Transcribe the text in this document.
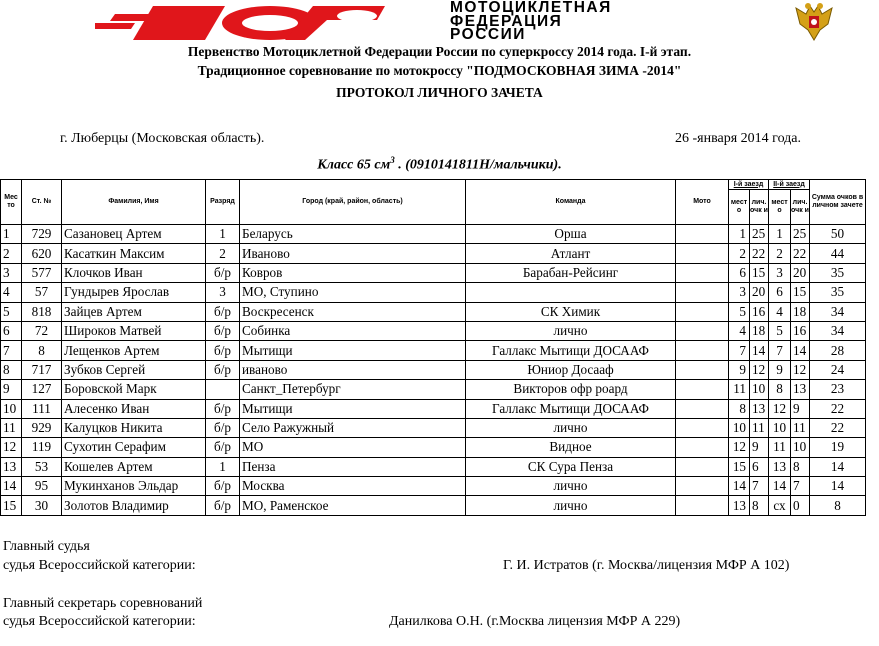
МОТОЦИКЛЕТНАЯ
ФЕДЕРАЦИЯ
РОССИИ
Первенство Мотоциклетной Федерации России по суперкроссу 2014 года. I-й этап.
Традиционное соревнование по мотокроссу "ПОДМОСКОВНАЯ ЗИМА -2014"
ПРОТОКОЛ ЛИЧНОГО ЗАЧЕТА
г. Люберцы (Московская область).	26 -января 2014 года.
Класс 65 $см^3$ . (0910141811Н/мальчики).
Мес то	Ст. №	Фамилия, Имя	Разряд	Город (край, район, область)	Команда	Мото	I-й заезд		II-й заезд		Сумма очков в личном зачете
							мест о	лич. очк и	мест о	лич. очк и	
1	729	Сазановец Артем	1	Беларусь	Орша		1	25	1	25	50
2	620	Касаткин Максим	2	Иваново	Атлант		2	22	2	22	44
3	577	Клочков Иван	б/р	Ковров	Барабан-Рейсинг		6	15	3	20	35
4	57	Гундырев Ярослав	3	МО, Ступино			3	20	6	15	35
5	818	Зайцев Артем	б/р	Воскресенск	СК Химик		5	16	4	18	34
6	72	Широков Матвей	б/р	Собинка	лично		4	18	5	16	34
7	8	Лещенков Артем	б/р	Мытищи	Галлакс Мытищи ДОСААФ		7	14	7	14	28
8	717	Зубков Сергей	б/р	иваново	Юниор Досааф		9	12	9	12	24
9	127	Боровской Марк		Санкт_Петербург	Викторов офр роард		11	10	8	13	23
10	111	Алесенко Иван	б/р	Мытищи	Галлакс Мытищи ДОСААФ		8	13	12	9	22
11	929	Калуцков Никита	б/р	Село Ражужный	лично		10	11	10	11	22
12	119	Сухотин Серафим	б/р	МО	Видное		12	9	11	10	19
13	53	Кошелев Артем	1	Пенза	СК Сура Пенза		15	6	13	8	14
14	95	Мукинханов Эльдар	б/р	Москва	лично		14	7	14	7	14
15	30	Золотов Владимир	б/р	МО, Раменское	лично		13	8	сх	0	8
Главный судья
судья Всероссийской категории:	Г. И. Истратов (г. Москва/лицензия МФР А 102)
Главный секретарь соревнований
судья Всероссийской категории:	Данилкова О.Н. (г.Москва лицензия МФР А 229)
